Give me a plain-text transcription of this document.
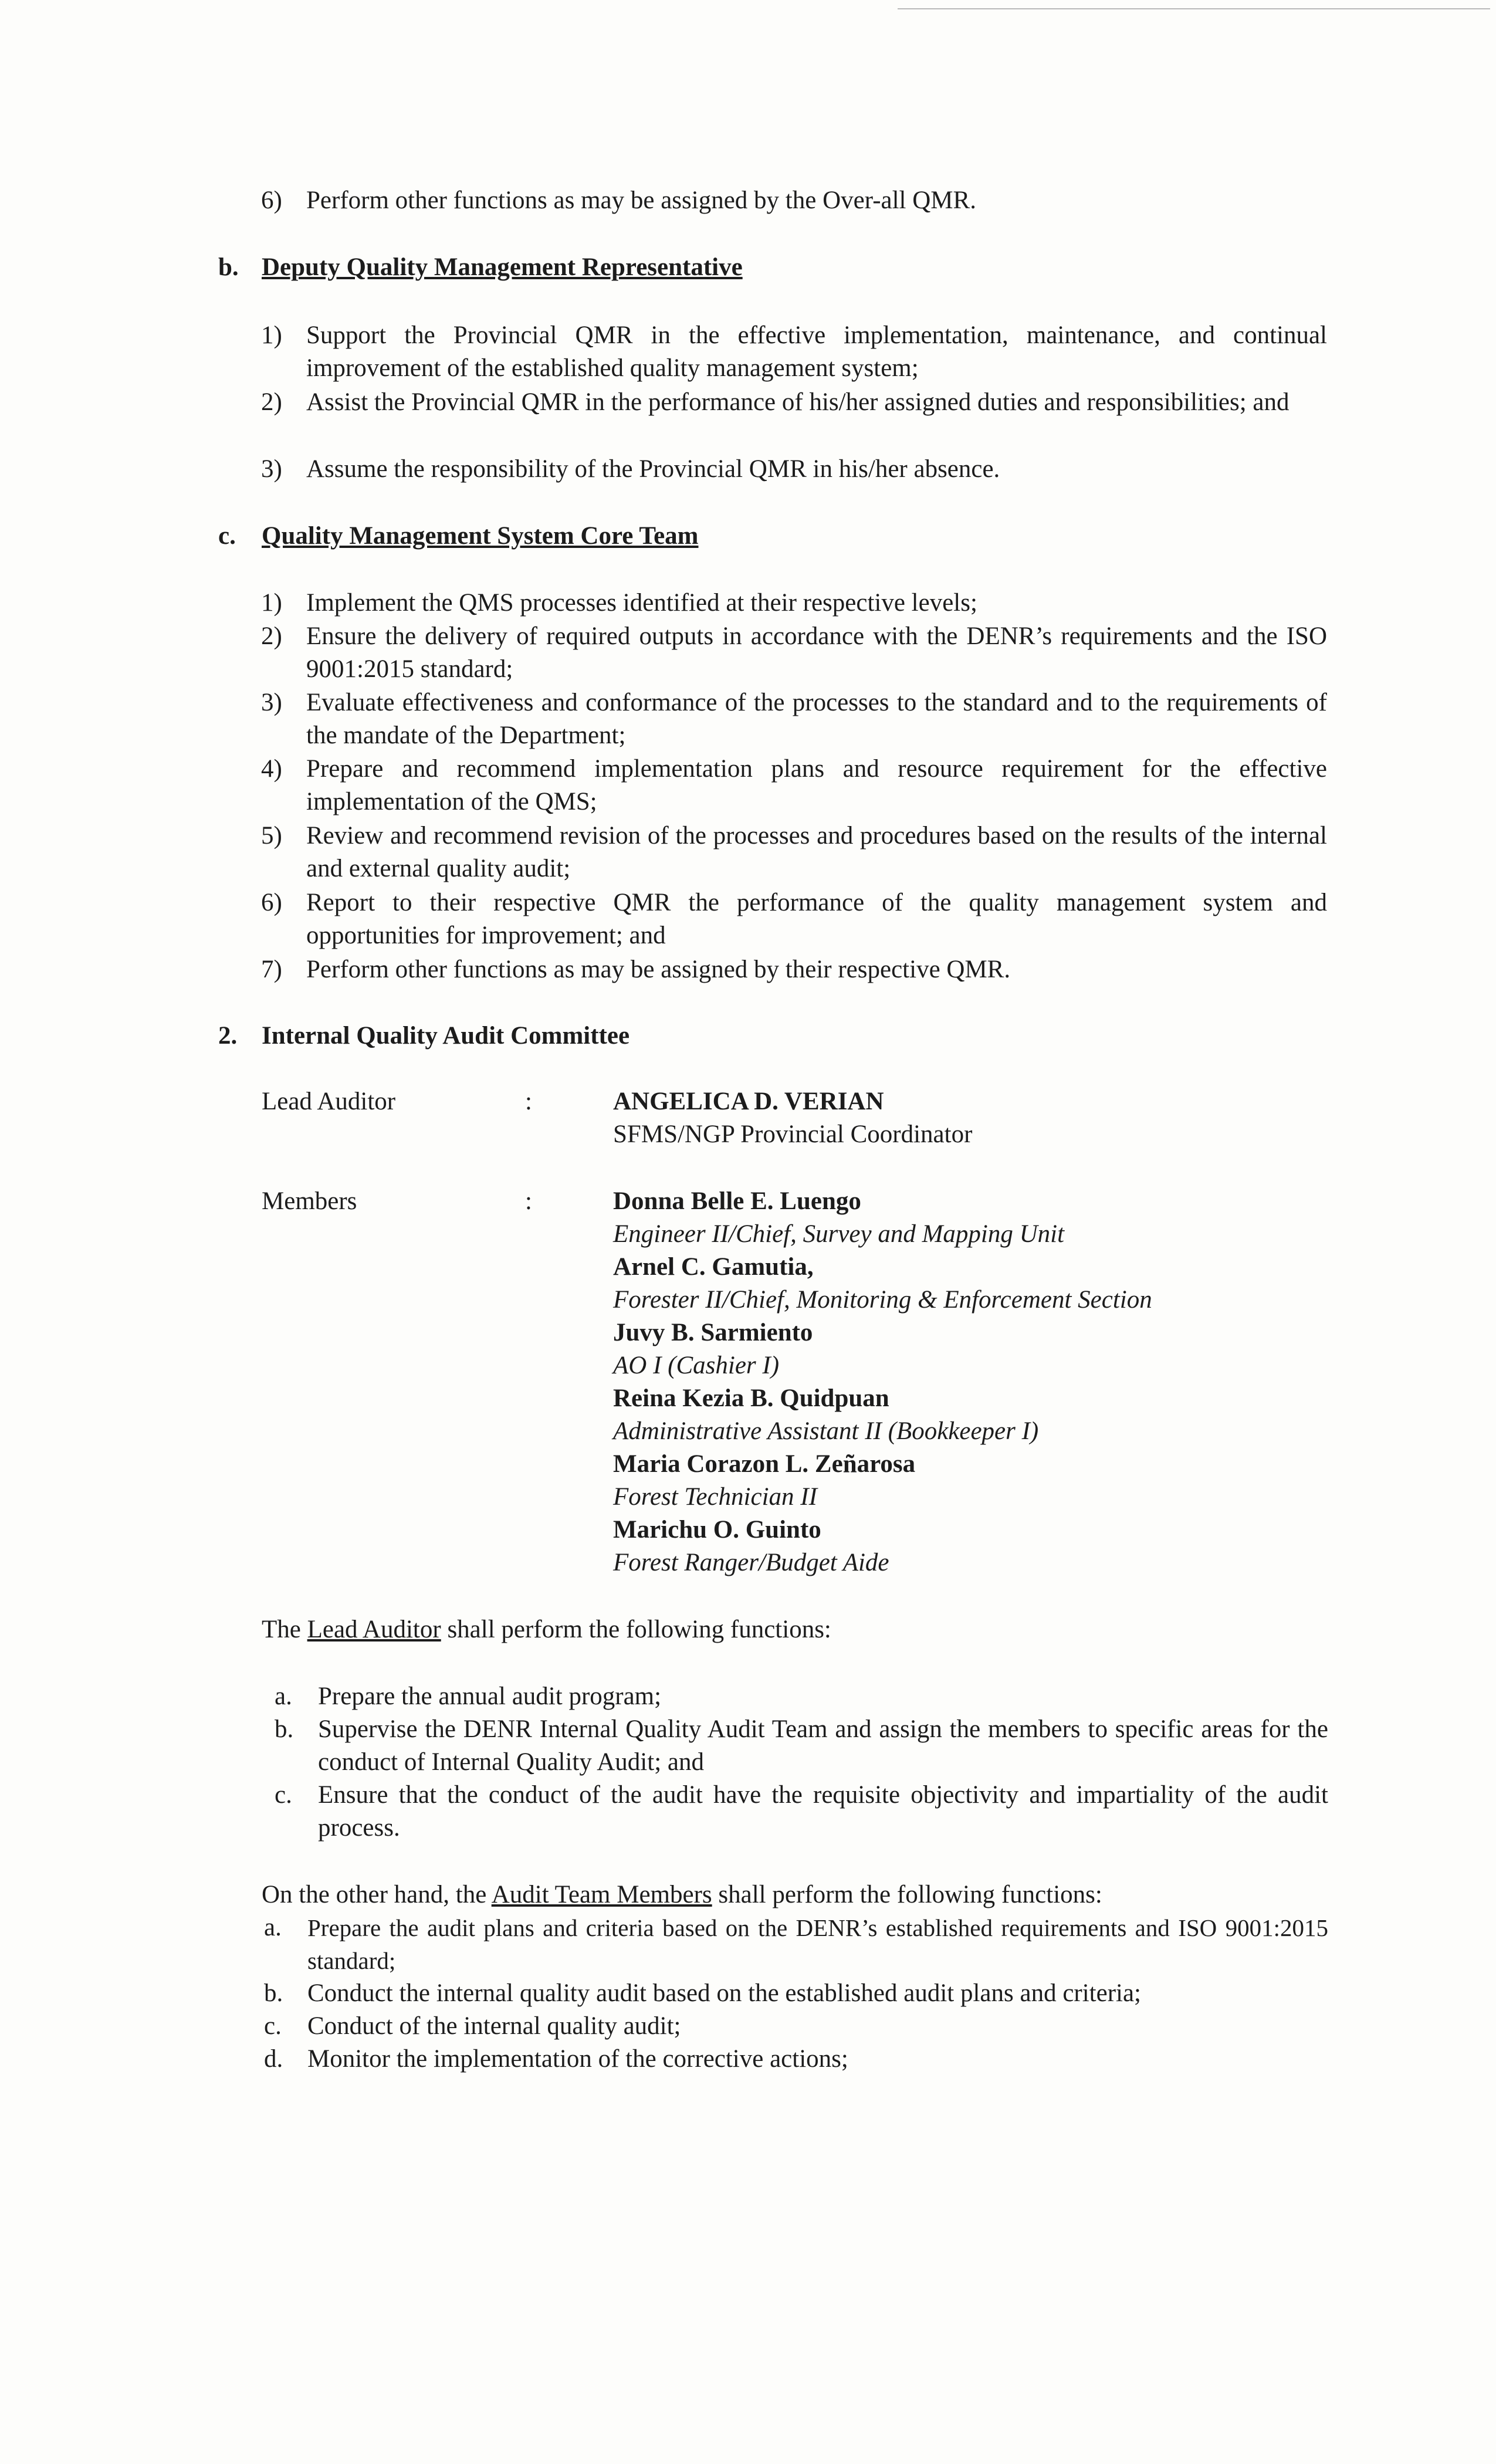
6) Perform other functions as may be assigned by the Over-all QMR.
b. Deputy Quality Management Representative
1) Support the Provincial QMR in the effective implementation, maintenance, and continual improvement of the established quality management system;
2) Assist the Provincial QMR in the performance of his/her assigned duties and responsibilities; and
3) Assume the responsibility of the Provincial QMR in his/her absence.
c. Quality Management System Core Team
1) Implement the QMS processes identified at their respective levels;
2) Ensure the delivery of required outputs in accordance with the DENR’s requirements and the ISO 9001:2015 standard;
3) Evaluate effectiveness and conformance of the processes to the standard and to the requirements of the mandate of the Department;
4) Prepare and recommend implementation plans and resource requirement for the effective implementation of the QMS;
5) Review and recommend revision of the processes and procedures based on the results of the internal and external quality audit;
6) Report to their respective QMR the performance of the quality management system and opportunities for improvement; and
7) Perform other functions as may be assigned by their respective QMR.
2. Internal Quality Audit Committee
Lead Auditor	:	ANGELICA D. VERIAN
SFMS/NGP Provincial Coordinator
Members	:	Donna Belle E. Luengo
Engineer II/Chief, Survey and Mapping Unit
Arnel C. Gamutia,
Forester II/Chief, Monitoring & Enforcement Section
Juvy B. Sarmiento
AO I (Cashier I)
Reina Kezia B. Quidpuan
Administrative Assistant II (Bookkeeper I)
Maria Corazon L. Zeñarosa
Forest Technician II
Marichu O. Guinto
Forest Ranger/Budget Aide
The Lead Auditor shall perform the following functions:
a. Prepare the annual audit program;
b. Supervise the DENR Internal Quality Audit Team and assign the members to specific areas for the conduct of Internal Quality Audit; and
c. Ensure that the conduct of the audit have the requisite objectivity and impartiality of the audit process.
On the other hand, the Audit Team Members shall perform the following functions:
a. Prepare the audit plans and criteria based on the DENR’s established requirements and ISO 9001:2015 standard;
b. Conduct the internal quality audit based on the established audit plans and criteria;
c. Conduct of the internal quality audit;
d. Monitor the implementation of the corrective actions;
